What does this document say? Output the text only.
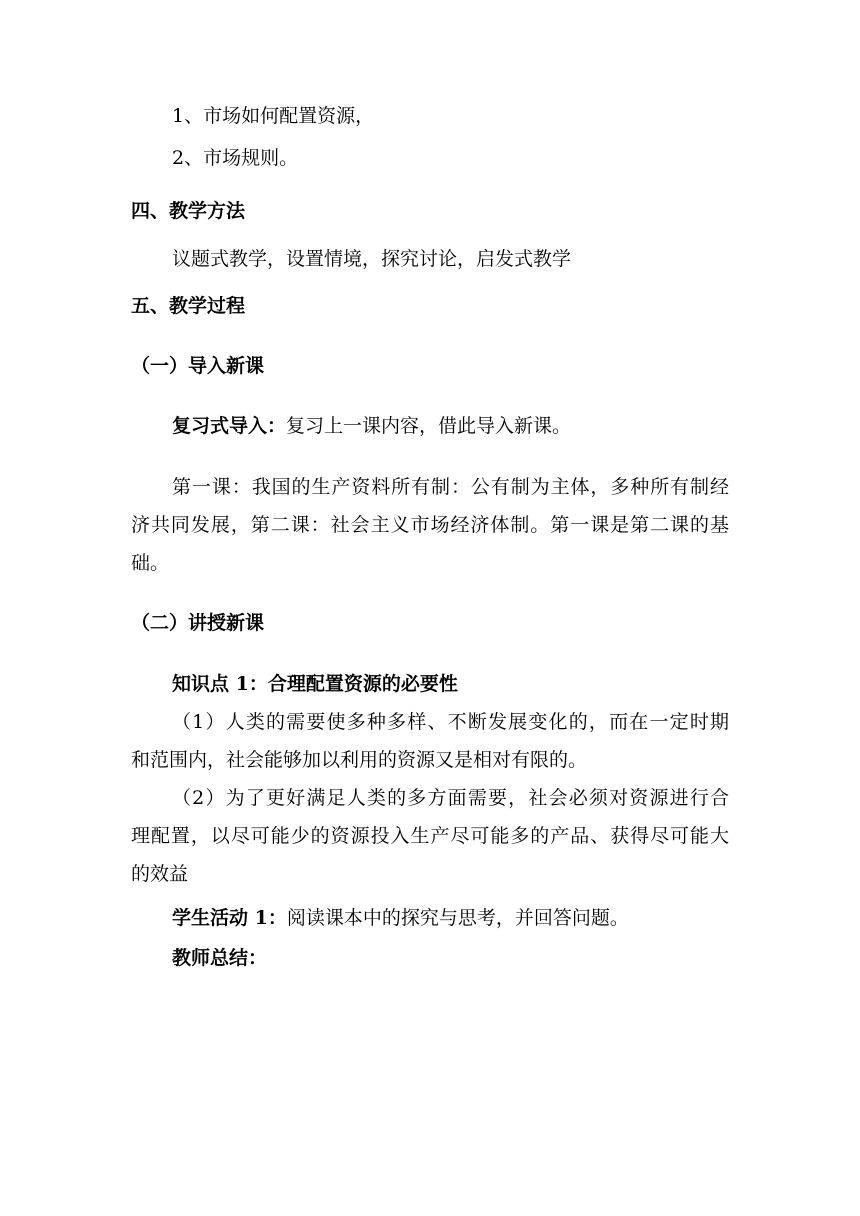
1、市场如何配置资源，
2、市场规则。
四、教学方法
议题式教学，设置情境，探究讨论，启发式教学
五、教学过程
（一）导入新课
复习式导入：复习上一课内容，借此导入新课。
第一课：我国的生产资料所有制：公有制为主体，多种所有制经
济共同发展，第二课：社会主义市场经济体制。第一课是第二课的基
础。
（二）讲授新课
知识点 1：合理配置资源的必要性
（1）人类的需要使多种多样、不断发展变化的，而在一定时期
和范围内，社会能够加以利用的资源又是相对有限的。
（2）为了更好满足人类的多方面需要，社会必须对资源进行合
理配置，以尽可能少的资源投入生产尽可能多的产品、获得尽可能大
的效益
学生活动 1：阅读课本中的探究与思考，并回答问题。
教师总结：
